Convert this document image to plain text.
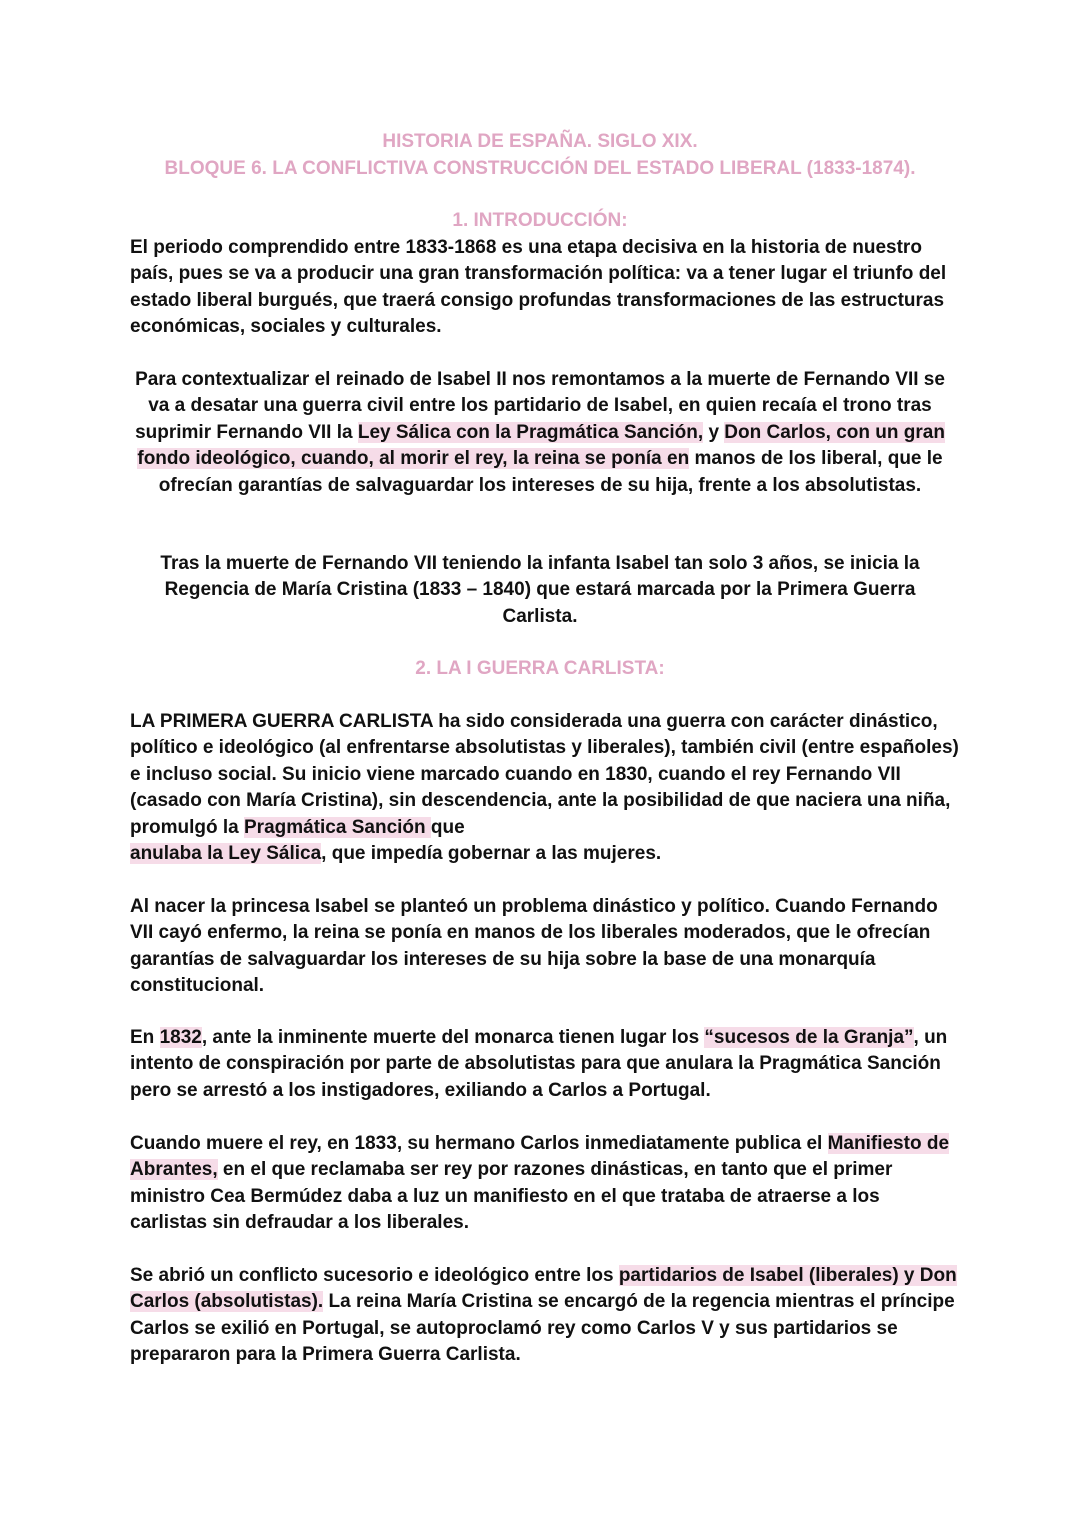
HISTORIA DE ESPAÑA. SIGLO XIX.
BLOQUE 6. LA CONFLICTIVA CONSTRUCCIÓN DEL ESTADO LIBERAL (1833-1874).
1. INTRODUCCIÓN:

El periodo comprendido entre 1833-1868 es una etapa decisiva en la historia de nuestro país, pues se va a producir una gran transformación política: va a tener lugar el triunfo del estado liberal burgués, que traerá consigo profundas transformaciones de las estructuras económicas, sociales y culturales.

Para contextualizar el reinado de Isabel II nos remontamos a la muerte de Fernando VII se va a desatar una guerra civil entre los partidario de Isabel, en quien recaía el trono tras suprimir Fernando VII la Ley Sálica con la Pragmática Sanción, y Don Carlos, con un gran fondo ideológico, cuando, al morir el rey, la reina se ponía en manos de los liberal, que le ofrecían garantías de salvaguardar los intereses de su hija, frente a los absolutistas.

Tras la muerte de Fernando VII teniendo la infanta Isabel tan solo 3 años, se inicia la Regencia de María Cristina (1833 – 1840) que estará marcada por la Primera Guerra Carlista.

2. LA I GUERRA CARLISTA:

LA PRIMERA GUERRA CARLISTA ha sido considerada una guerra con carácter dinástico, político e ideológico (al enfrentarse absolutistas y liberales), también civil (entre españoles) e incluso social. Su inicio viene marcado cuando en 1830, cuando el rey Fernando VII (casado con María Cristina), sin descendencia, ante la posibilidad de que naciera una niña, promulgó la Pragmática Sanción que
anulaba la Ley Sálica, que impedía gobernar a las mujeres.

Al nacer la princesa Isabel se planteó un problema dinástico y político. Cuando Fernando VII cayó enfermo, la reina se ponía en manos de los liberales moderados, que le ofrecían garantías de salvaguardar los intereses de su hija sobre la base de una monarquía constitucional.

En 1832, ante la inminente muerte del monarca tienen lugar los “sucesos de la Granja”, un intento de conspiración por parte de absolutistas para que anulara la Pragmática Sanción pero se arrestó a los instigadores, exiliando a Carlos a Portugal.

Cuando muere el rey, en 1833, su hermano Carlos inmediatamente publica el Manifiesto de Abrantes, en el que reclamaba ser rey por razones dinásticas, en tanto que el primer ministro Cea Bermúdez daba a luz un manifiesto en el que trataba de atraerse a los carlistas sin defraudar a los liberales.

Se abrió un conflicto sucesorio e ideológico entre los partidarios de Isabel (liberales) y Don Carlos (absolutistas). La reina María Cristina se encargó de la regencia mientras el príncipe Carlos se exilió en Portugal, se autoproclamó rey como Carlos V y sus partidarios se prepararon para la Primera Guerra Carlista.
